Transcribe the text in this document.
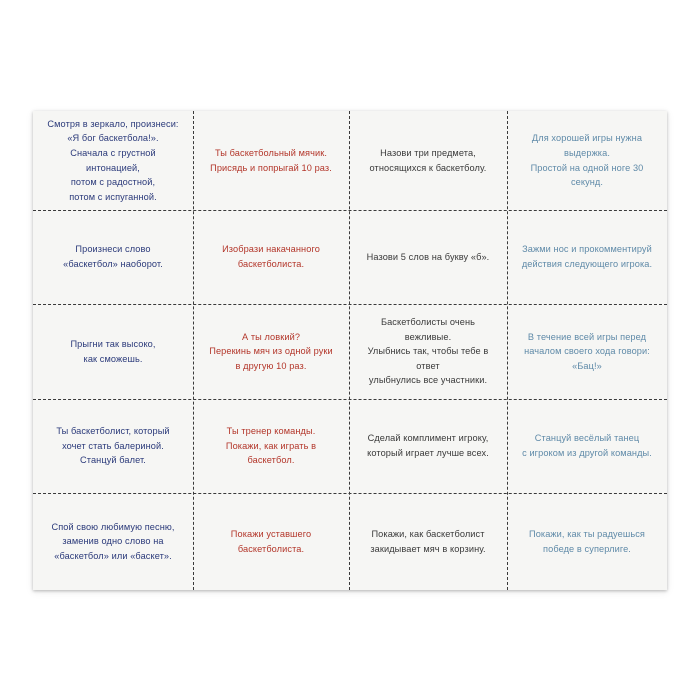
Смотря в зеркало, произнеси:
«Я бог баскетбола!».
Сначала с грустной интонацией,
потом с радостной,
потом с испуганной.
Ты баскетбольный мячик.
Присядь и попрыгай 10 раз.
Назови три предмета,
относящихся к баскетболу.
Для хорошей игры нужна
выдержка.
Простой на одной ноге 30 секунд.
Произнеси слово
«баскетбол» наоборот.
Изобрази накачанного
баскетболиста.
Назови 5 слов на букву «б».
Зажми нос и прокомментируй
действия следующего игрока.
Прыгни так высоко,
как сможешь.
А ты ловкий?
Перекинь мяч из одной руки
в другую 10 раз.
Баскетболисты очень вежливые.
Улыбнись так, чтобы тебе в ответ
улыбнулись все участники.
В течение всей игры перед
началом своего хода говори:
«Бац!»
Ты баскетболист, который
хочет стать балериной.
Станцуй балет.
Ты тренер команды.
Покажи, как играть в баскетбол.
Сделай комплимент игроку,
который играет лучше всех.
Станцуй весёлый танец
с игроком из другой команды.
Спой свою любимую песню,
заменив одно слово на
«баскетбол» или «баскет».
Покажи уставшего
баскетболиста.
Покажи, как баскетболист
закидывает мяч в корзину.
Покажи, как ты радуешься
победе в суперлиге.
